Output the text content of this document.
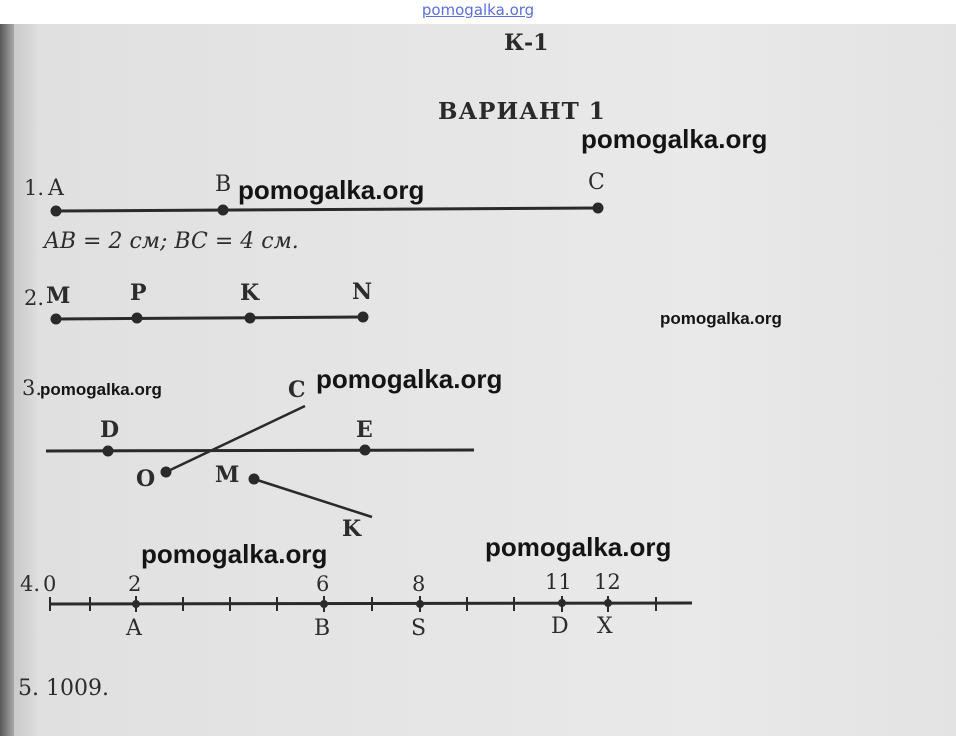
pomogalka.org
К-1
ВАРИАНТ 1
1. A	B	C
AB = 2 см; BC = 4 см.
2. M	P	K	N
3.	C
D	E
O	M
K
4. 0	2	6	8	11 12
A	B	S	D X
5. 1009.
pomogalka.org
pomogalka.org
pomogalka.org
pomogalka.org	pomogalka.org
pomogalka.org	pomogalka.org
